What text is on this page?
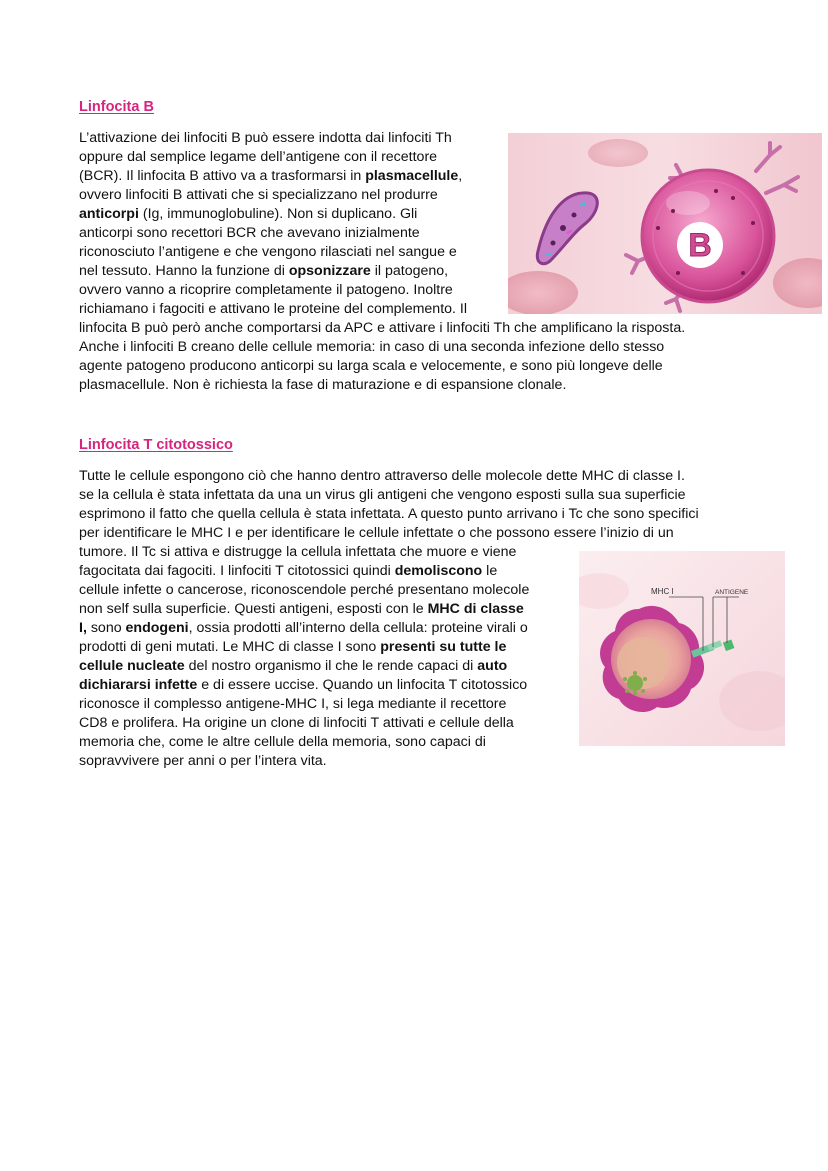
Linfocita B
L’attivazione dei linfociti B può essere indotta dai linfociti Th
oppure dal semplice legame dell’antigene con il recettore
(BCR). Il linfocita B attivo va a trasformarsi in plasmacellule,
ovvero linfociti B attivati che si specializzano nel produrre
anticorpi (Ig, immunoglobuline). Non si duplicano. Gli
anticorpi sono recettori BCR che avevano inizialmente
riconosciuto l’antigene e che vengono rilasciati nel sangue e
nel tessuto. Hanno la funzione di opsonizzare il patogeno,
ovvero vanno a ricoprire completamente il patogeno. Inoltre
richiamano i fagociti e attivano le proteine del complemento. Il
linfocita B può però anche comportarsi da APC e attivare i linfociti Th che amplificano la risposta.
Anche i linfociti B creano delle cellule memoria: in caso di una seconda infezione dello stesso
agente patogeno producono anticorpi su larga scala e velocemente, e sono più longeve delle
plasmacellule. Non è richiesta la fase di maturazione e di espansione clonale.
B
Linfocita T citotossico
Tutte le cellule espongono ciò che hanno dentro attraverso delle molecole dette MHC di classe I.
se la cellula è stata infettata da una un virus gli antigeni che vengono esposti sulla sua superficie
esprimono il fatto che quella cellula è stata infettata. A questo punto arrivano i Tc che sono specifici
per identificare le MHC I e per identificare le cellule infettate o che possono essere l’inizio di un
tumore. Il Tc si attiva e distrugge la cellula infettata che muore e viene
fagocitata dai fagociti. I linfociti T citotossici quindi demoliscono le
cellule infette o cancerose, riconoscendole perché presentano molecole
non self sulla superficie. Questi antigeni, esposti con le MHC di classe
I, sono endogeni, ossia prodotti all’interno della cellula: proteine virali o
prodotti di geni mutati. Le MHC di classe I sono presenti su tutte le
cellule nucleate del nostro organismo il che le rende capaci di auto
dichiararsi infette e di essere uccise. Quando un linfocita T citotossico
riconosce il complesso antigene-MHC I, si lega mediante il recettore
CD8 e prolifera. Ha origine un clone di linfociti T attivati e cellule della
memoria che, come le altre cellule della memoria, sono capaci di
sopravvivere per anni o per l’intera vita.
MHC I	ANTIGENE
